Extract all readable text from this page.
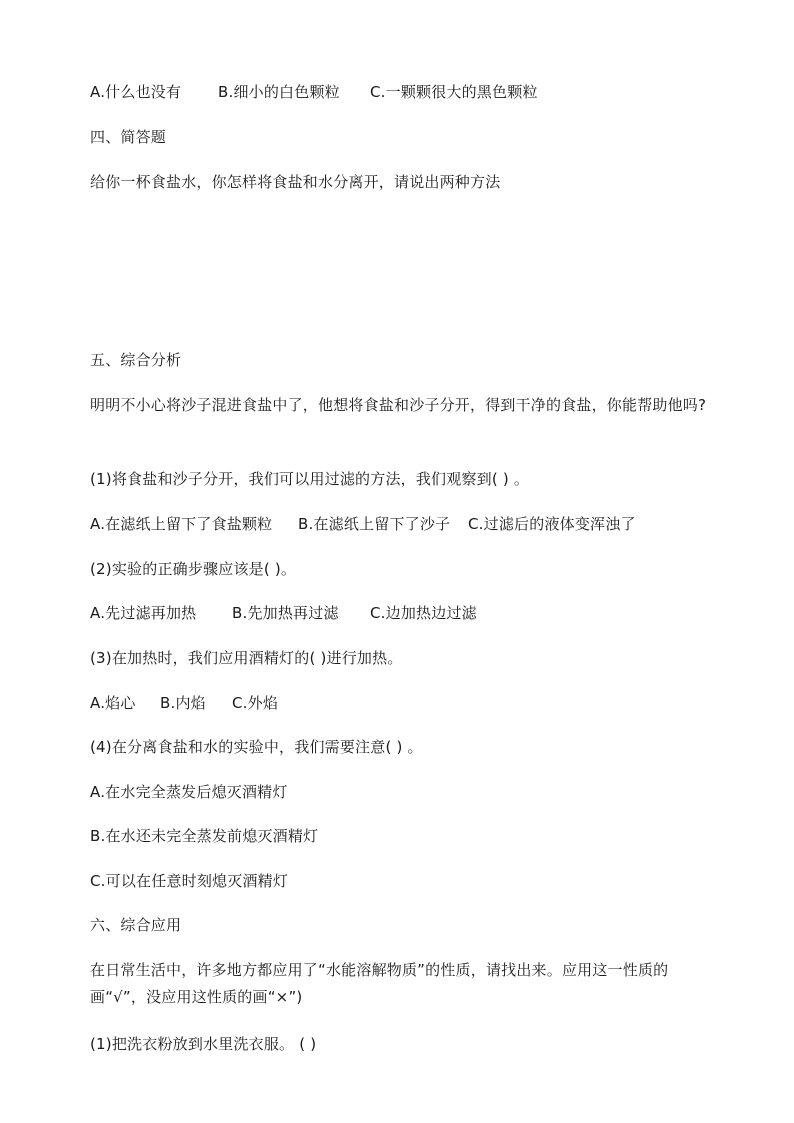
A.什么也没有 B.细小的白色颗粒 C.一颗颗很大的黑色颗粒
四、简答题
给你一杯食盐水，你怎样将食盐和水分离开，请说出两种方法
五、综合分析
明明不小心将沙子混进食盐中了，他想将食盐和沙子分开，得到干净的食盐，你能帮助他吗?
(1)将食盐和沙子分开，我们可以用过滤的方法，我们观察到( ) 。
A.在滤纸上留下了食盐颗粒 B.在滤纸上留下了沙子 C.过滤后的液体变浑浊了
(2)实验的正确步骤应该是( )。
A.先过滤再加热 B.先加热再过滤 C.边加热边过滤
(3)在加热时，我们应用酒精灯的( )进行加热。
A.焰心 B.内焰 C.外焰
(4)在分离食盐和水的实验中，我们需要注意( ) 。
A.在水完全蒸发后熄灭酒精灯
B.在水还未完全蒸发前熄灭酒精灯
C.可以在任意时刻熄灭酒精灯
六、综合应用
在日常生活中，许多地方都应用了“水能溶解物质”的性质，请找出来。应用这一性质的画“√”，没应用这性质的画“×”)
(1)把洗衣粉放到水里洗衣服。 ( )
